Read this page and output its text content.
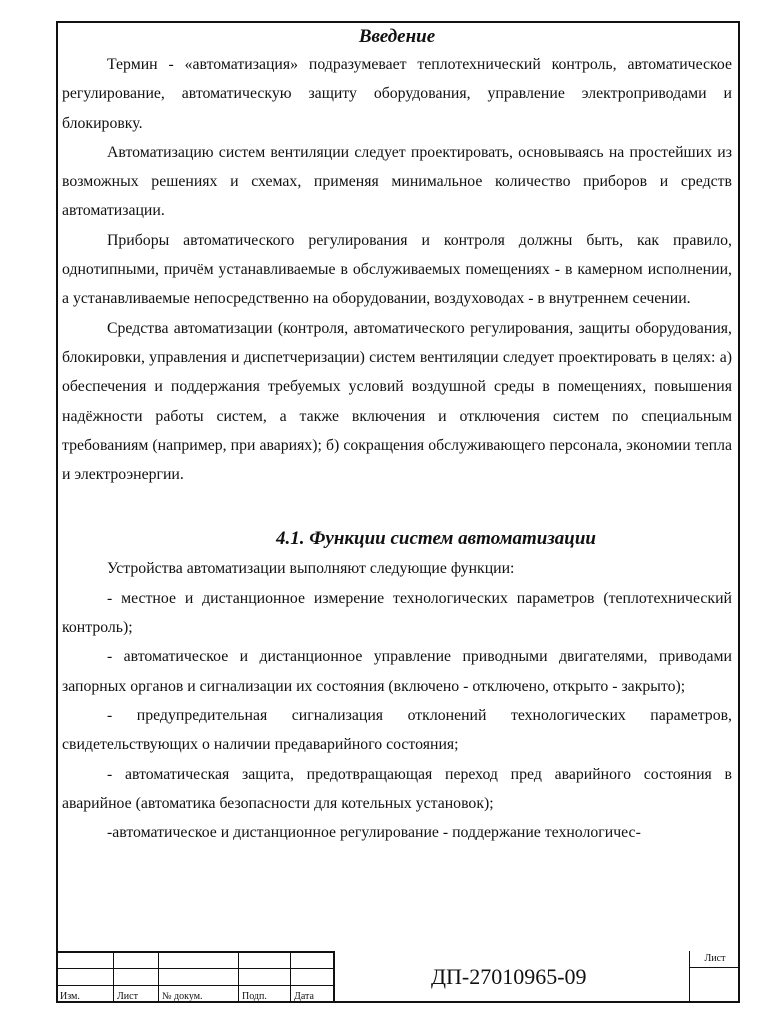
Введение

Термин - «автоматизация» подразумевает теплотехнический контроль, автоматическое регулирование, автоматическую защиту оборудования, управление электроприводами и блокировку.

Автоматизацию систем вентиляции следует проектировать, основываясь на простейших из возможных решениях и схемах, применяя минимальное количество приборов и средств автоматизации.

Приборы автоматического регулирования и контроля должны быть, как правило, однотипными, причём устанавливаемые в обслуживаемых помещениях - в камерном исполнении, а устанавливаемые непосредственно на оборудовании, воздуховодах - в внутреннем сечении.

Средства автоматизации (контроля, автоматического регулирования, защиты оборудования, блокировки, управления и диспетчеризации) систем вентиляции следует проектировать в целях: а) обеспечения и поддержания требуемых условий воздушной среды в помещениях, повышения надёжности работы систем, а также включения и отключения систем по специальным требованиям (например, при авариях); б) сокращения обслуживающего персонала, экономии тепла и электроэнергии.

4.1. Функции систем автоматизации

Устройства автоматизации выполняют следующие функции:

- местное и дистанционное измерение технологических параметров (теплотехнический контроль);

- автоматическое и дистанционное управление приводными двигателями, приводами запорных органов и сигнализации их состояния (включено - отключено, открыто - закрыто);

- предупредительная сигнализация отклонений технологических параметров, свидетельствующих о наличии предаварийного состояния;

- автоматическая защита, предотвращающая переход пред аварийного состояния в аварийное (автоматика безопасности для котельных установок);

-автоматическое и дистанционное регулирование - поддержание технологичес-

Изм.	Лист	№ докум.	Подп.	Дата
ДП-27010965-09
Лист
